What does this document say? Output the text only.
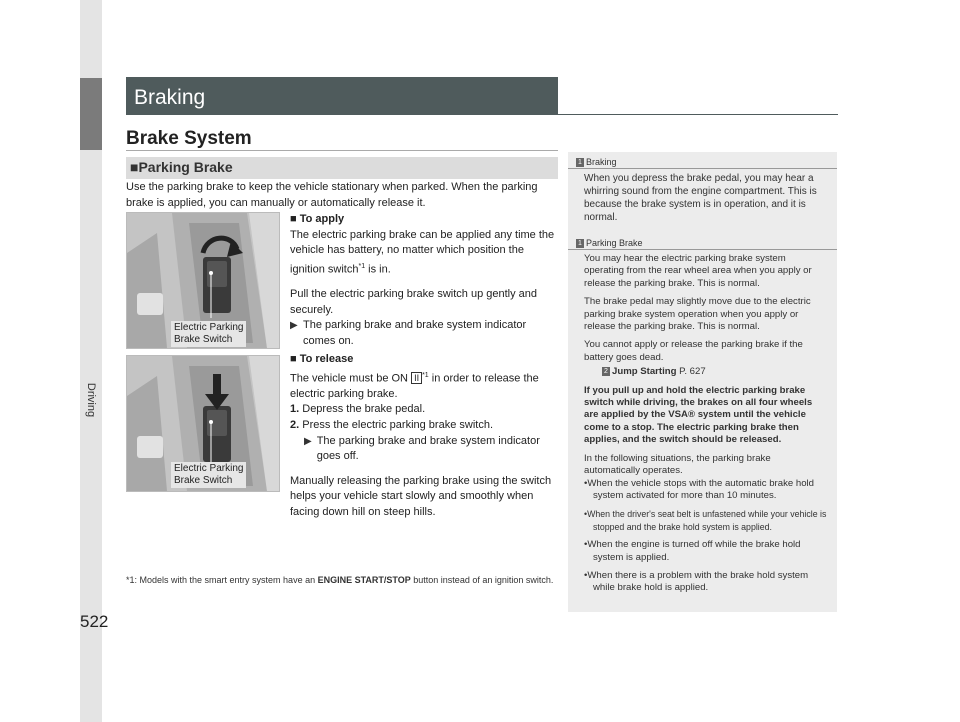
Driving
522
Braking
Brake System
■Parking Brake
Use the parking brake to keep the vehicle stationary when parked. When the parking brake is applied, you can manually or automatically release it.
■ To apply
The electric parking brake can be applied any time the vehicle has battery, no matter which position the ignition switch$^{*1}$ is in.
Pull the electric parking brake switch up gently and securely.
▶ The parking brake and brake system indicator comes on.
■ To release
The vehicle must be ON II $^{*1}$ in order to release the electric parking brake.
1. Depress the brake pedal.
2. Press the electric parking brake switch.
▶ The parking brake and brake system indicator goes off.
Manually releasing the parking brake using the switch helps your vehicle start slowly and smoothly when facing down hill on steep hills.
Electric Parking
Brake Switch
Electric Parking
Brake Switch
*1: Models with the smart entry system have an ENGINE START/STOP button instead of an ignition switch.
1 Braking
When you depress the brake pedal, you may hear a whirring sound from the engine compartment. This is because the brake system is in operation, and it is normal.
1 Parking Brake

You may hear the electric parking brake system operating from the rear wheel area when you apply or release the parking brake. This is normal.

The brake pedal may slightly move due to the electric parking brake system operation when you apply or release the parking brake. This is normal.

You cannot apply or release the parking brake if the battery goes dead.

2 Jump Starting P. 627

If you pull up and hold the electric parking brake switch while driving, the brakes on all four wheels are applied by the VSA® system until the vehicle come to a stop. The electric parking brake then applies, and the switch should be released.

In the following situations, the parking brake automatically operates.

•When the vehicle stops with the automatic brake hold system activated for more than 10 minutes.

•When the driver's seat belt is unfastened while your vehicle is stopped and the brake hold system is applied.

•When the engine is turned off while the brake hold system is applied.

•When there is a problem with the brake hold system while brake hold is applied.
